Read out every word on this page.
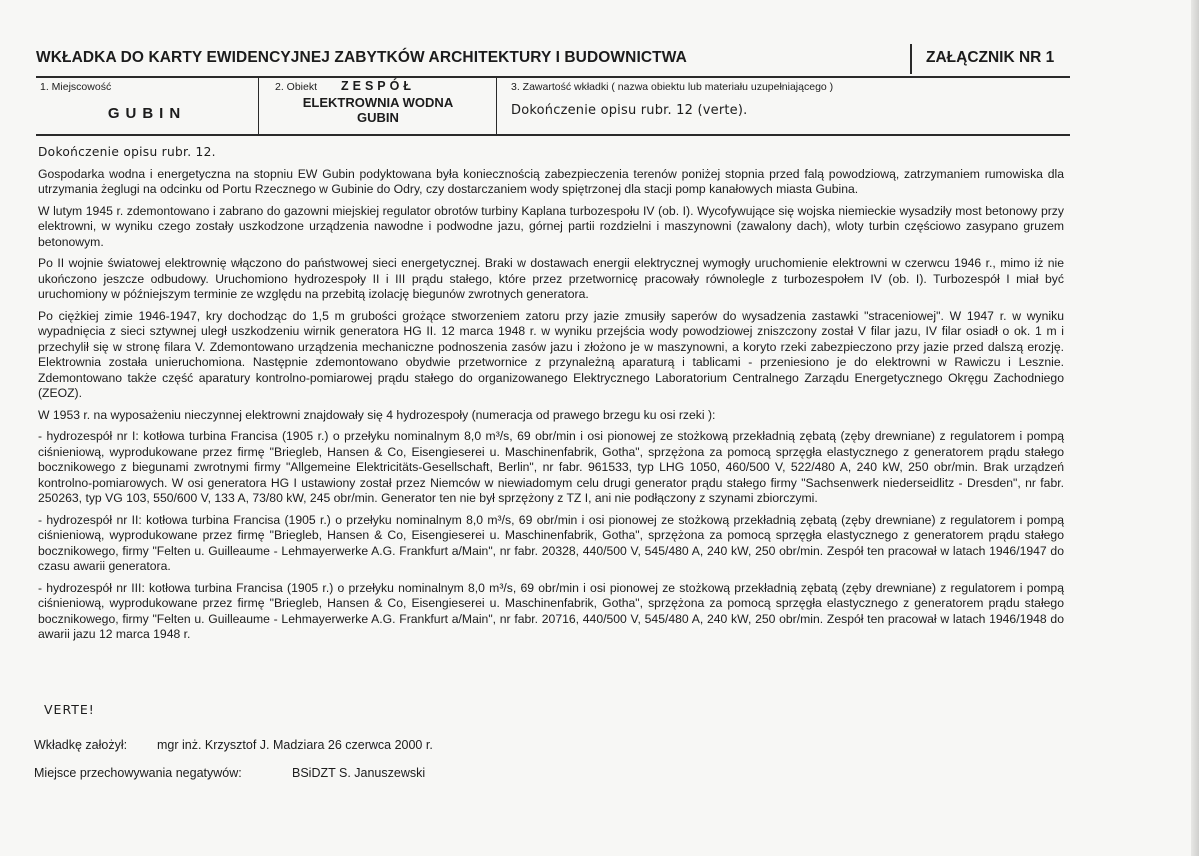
WKŁADKA DO KARTY EWIDENCYJNEJ ZABYTKÓW ARCHITEKTURY I BUDOWNICTWA	ZAŁĄCZNIK NR 1
1. Miejscowość
GUBIN
2. Obiekt ZESPÓŁ
ELEKTROWNIA WODNA
GUBIN
3. Zawartość wkładki ( nazwa obiektu lub materiału uzupełniającego )
Dokończenie opisu rubr. 12 (verte).

Dokończenie opisu rubr. 12.

Gospodarka wodna i energetyczna na stopniu EW Gubin podyktowana była koniecznością zabezpieczenia terenów poniżej stopnia przed falą powodziową, zatrzymaniem rumowiska dla utrzymania żeglugi na odcinku od Portu Rzecznego w Gubinie do Odry, czy dostarczaniem wody spiętrzonej dla stacji pomp kanałowych miasta Gubina.

W lutym 1945 r. zdemontowano i zabrano do gazowni miejskiej regulator obrotów turbiny Kaplana turbozespołu IV (ob. I). Wycofywujące się wojska niemieckie wysadziły most betonowy przy elektrowni, w wyniku czego zostały uszkodzone urządzenia nawodne i podwodne jazu, górnej partii rozdzielni i maszynowni (zawalony dach), wloty turbin częściowo zasypano gruzem betonowym.

Po II wojnie światowej elektrownię włączono do państwowej sieci energetycznej. Braki w dostawach energii elektrycznej wymogły uruchomienie elektrowni w czerwcu 1946 r., mimo iż nie ukończono jeszcze odbudowy. Uruchomiono hydrozespoły II i III prądu stałego, które przez przetwornicę pracowały równolegle z turbozespołem IV (ob. I). Turbozespół I miał być uruchomiony w późniejszym terminie ze względu na przebitą izolację biegunów zwrotnych generatora.

Po ciężkiej zimie 1946-1947, kry dochodząc do 1,5 m grubości grożące stworzeniem zatoru przy jazie zmusiły saperów do wysadzenia zastawki "straceniowej". W 1947 r. w wyniku wypadnięcia z sieci sztywnej uległ uszkodzeniu wirnik generatora HG II. 12 marca 1948 r. w wyniku przejścia wody powodziowej zniszczony został V filar jazu, IV filar osiadł o ok. 1 m i przechylił się w stronę filara V. Zdemontowano urządzenia mechaniczne podnoszenia zasów jazu i złożono je w maszynowni, a koryto rzeki zabezpieczono przy jazie przed dalszą erozję. Elektrownia została unieruchomiona. Następnie zdemontowano obydwie przetwornice z przynależną aparaturą i tablicami - przeniesiono je do elektrowni w Rawiczu i Lesznie. Zdemontowano także część aparatury kontrolno-pomiarowej prądu stałego do organizowanego Elektrycznego Laboratorium Centralnego Zarządu Energetycznego Okręgu Zachodniego (ZEOZ).

W 1953 r. na wyposażeniu nieczynnej elektrowni znajdowały się 4 hydrozespoły (numeracja od prawego brzegu ku osi rzeki ):

- hydrozespół nr I: kotłowa turbina Francisa (1905 r.) o przełyku nominalnym 8,0 m³/s, 69 obr/min i osi pionowej ze stożkową przekładnią zębatą (zęby drewniane) z regulatorem i pompą ciśnieniową, wyprodukowane przez firmę "Briegleb, Hansen & Co, Eisengieserei u. Maschinenfabrik, Gotha", sprzężona za pomocą sprzęgła elastycznego z generatorem prądu stałego bocznikowego z biegunami zwrotnymi firmy "Allgemeine Elektricitäts-Gesellschaft, Berlin", nr fabr. 961533, typ LHG 1050, 460/500 V, 522/480 A, 240 kW, 250 obr/min. Brak urządzeń kontrolno-pomiarowych. W osi generatora HG I ustawiony został przez Niemców w niewiadomym celu drugi generator prądu stałego firmy "Sachsenwerk niederseidlitz - Dresden", nr fabr. 250263, typ VG 103, 550/600 V, 133 A, 73/80 kW, 245 obr/min. Generator ten nie był sprzężony z TZ I, ani nie podłączony z szynami zbiorczymi.

- hydrozespół nr II: kotłowa turbina Francisa (1905 r.) o przełyku nominalnym 8,0 m³/s, 69 obr/min i osi pionowej ze stożkową przekładnią zębatą (zęby drewniane) z regulatorem i pompą ciśnieniową, wyprodukowane przez firmę "Briegleb, Hansen & Co, Eisengieserei u. Maschinenfabrik, Gotha", sprzężona za pomocą sprzęgła elastycznego z generatorem prądu stałego bocznikowego, firmy "Felten u. Guilleaume - Lehmayerwerke A.G. Frankfurt a/Main", nr fabr. 20328, 440/500 V, 545/480 A, 240 kW, 250 obr/min. Zespół ten pracował w latach 1946/1947 do czasu awarii generatora.

- hydrozespół nr III: kotłowa turbina Francisa (1905 r.) o przełyku nominalnym 8,0 m³/s, 69 obr/min i osi pionowej ze stożkową przekładnią zębatą (zęby drewniane) z regulatorem i pompą ciśnieniową, wyprodukowane przez firmę "Briegleb, Hansen & Co, Eisengieserei u. Maschinenfabrik, Gotha", sprzężona za pomocą sprzęgła elastycznego z generatorem prądu stałego bocznikowego, firmy "Felten u. Guilleaume - Lehmayerwerke A.G. Frankfurt a/Main", nr fabr. 20716, 440/500 V, 545/480 A, 240 kW, 250 obr/min. Zespół ten pracował w latach 1946/1948 do awarii jazu 12 marca 1948 r.

VERTE!
Wkładkę założył: mgr inż. Krzysztof J. Madziara 26 czerwca 2000 r.
Miejsce przechowywania negatywów:	BSiDZT S. Januszewski
